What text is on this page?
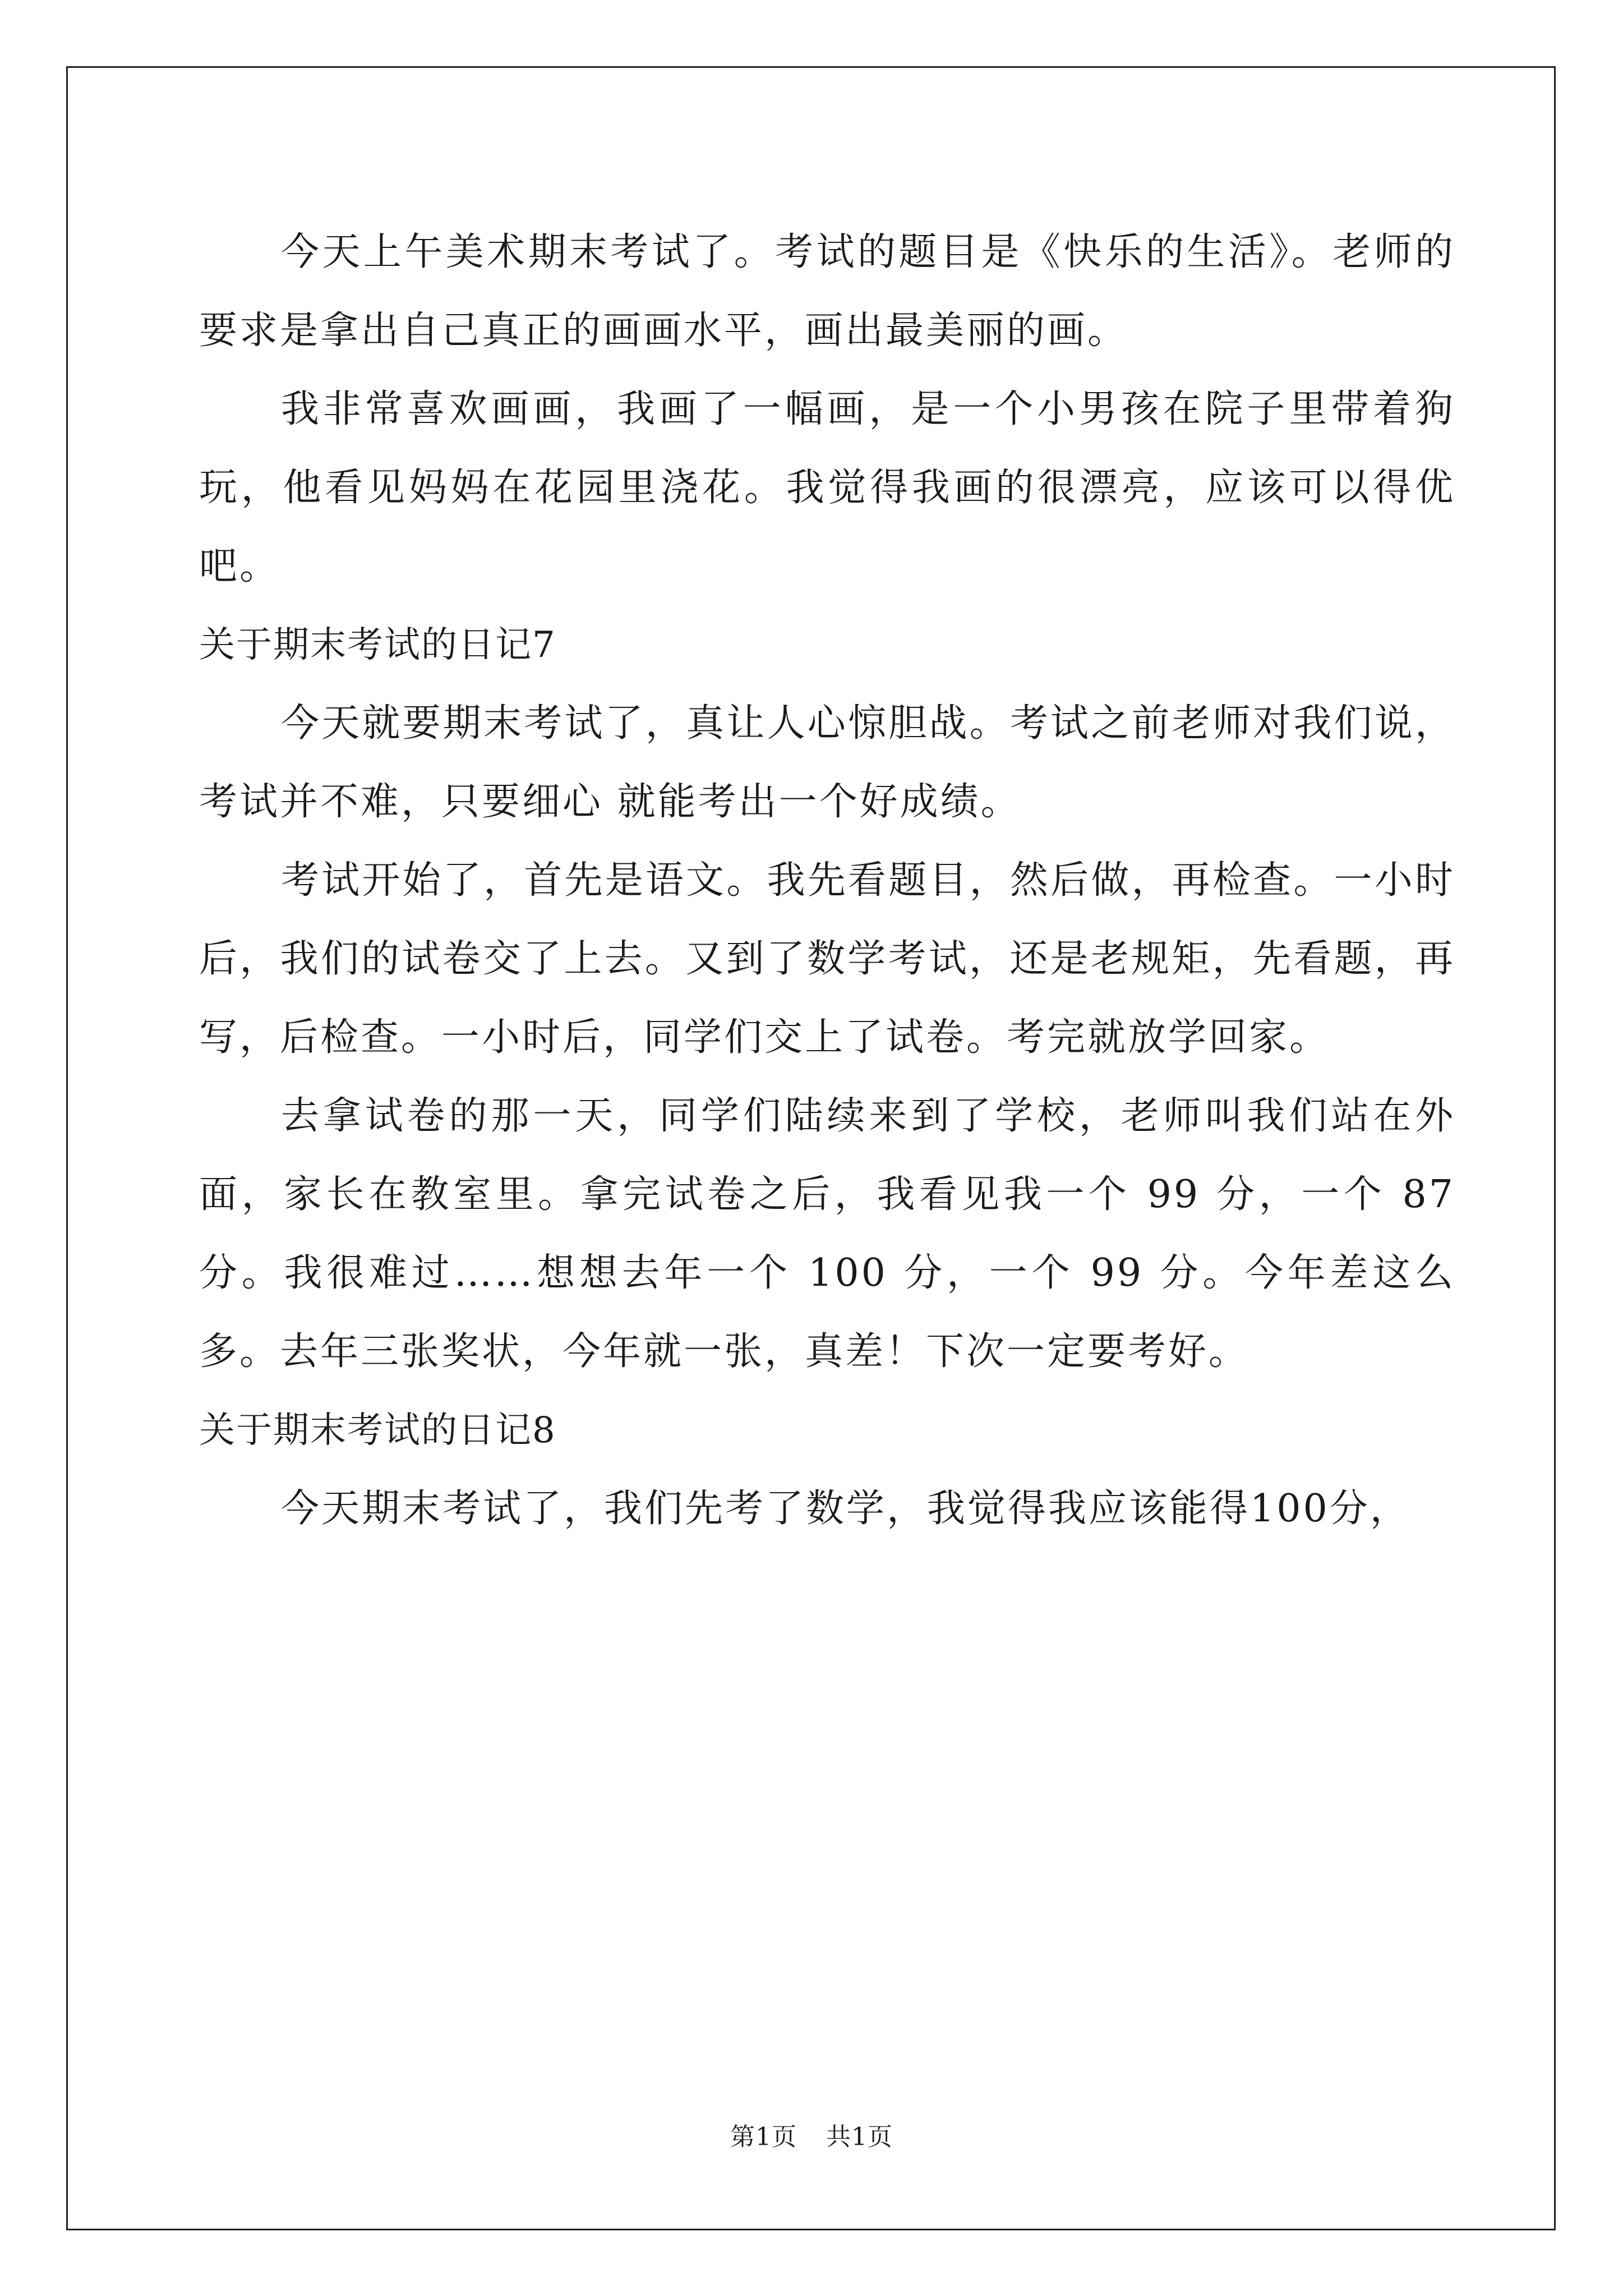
今天上午美术期末考试了。考试的题目是《快乐的生活》。老师的要求是拿出自己真正的画画水平，画出最美丽的画。

我非常喜欢画画，我画了一幅画，是一个小男孩在院子里带着狗玩，他看见妈妈在花园里浇花。我觉得我画的很漂亮，应该可以得优吧。

关于期末考试的日记7

今天就要期末考试了，真让人心惊胆战。考试之前老师对我们说，考试并不难，只要细心 就能考出一个好成绩。

考试开始了，首先是语文。我先看题目，然后做，再检查。一小时后，我们的试卷交了上去。又到了数学考试，还是老规矩，先看题，再写，后检查。一小时后，同学们交上了试卷。考完就放学回家。

去拿试卷的那一天，同学们陆续来到了学校，老师叫我们站在外面，家长在教室里。拿完试卷之后，我看见我一个 99 分，一个 87 分。我很难过……想想去年一个 100 分，一个 99 分。今年差这么多。去年三张奖状，今年就一张，真差！下次一定要考好。

关于期末考试的日记8

今天期末考试了，我们先考了数学，我觉得我应该能得100分，

第1页 共1页
